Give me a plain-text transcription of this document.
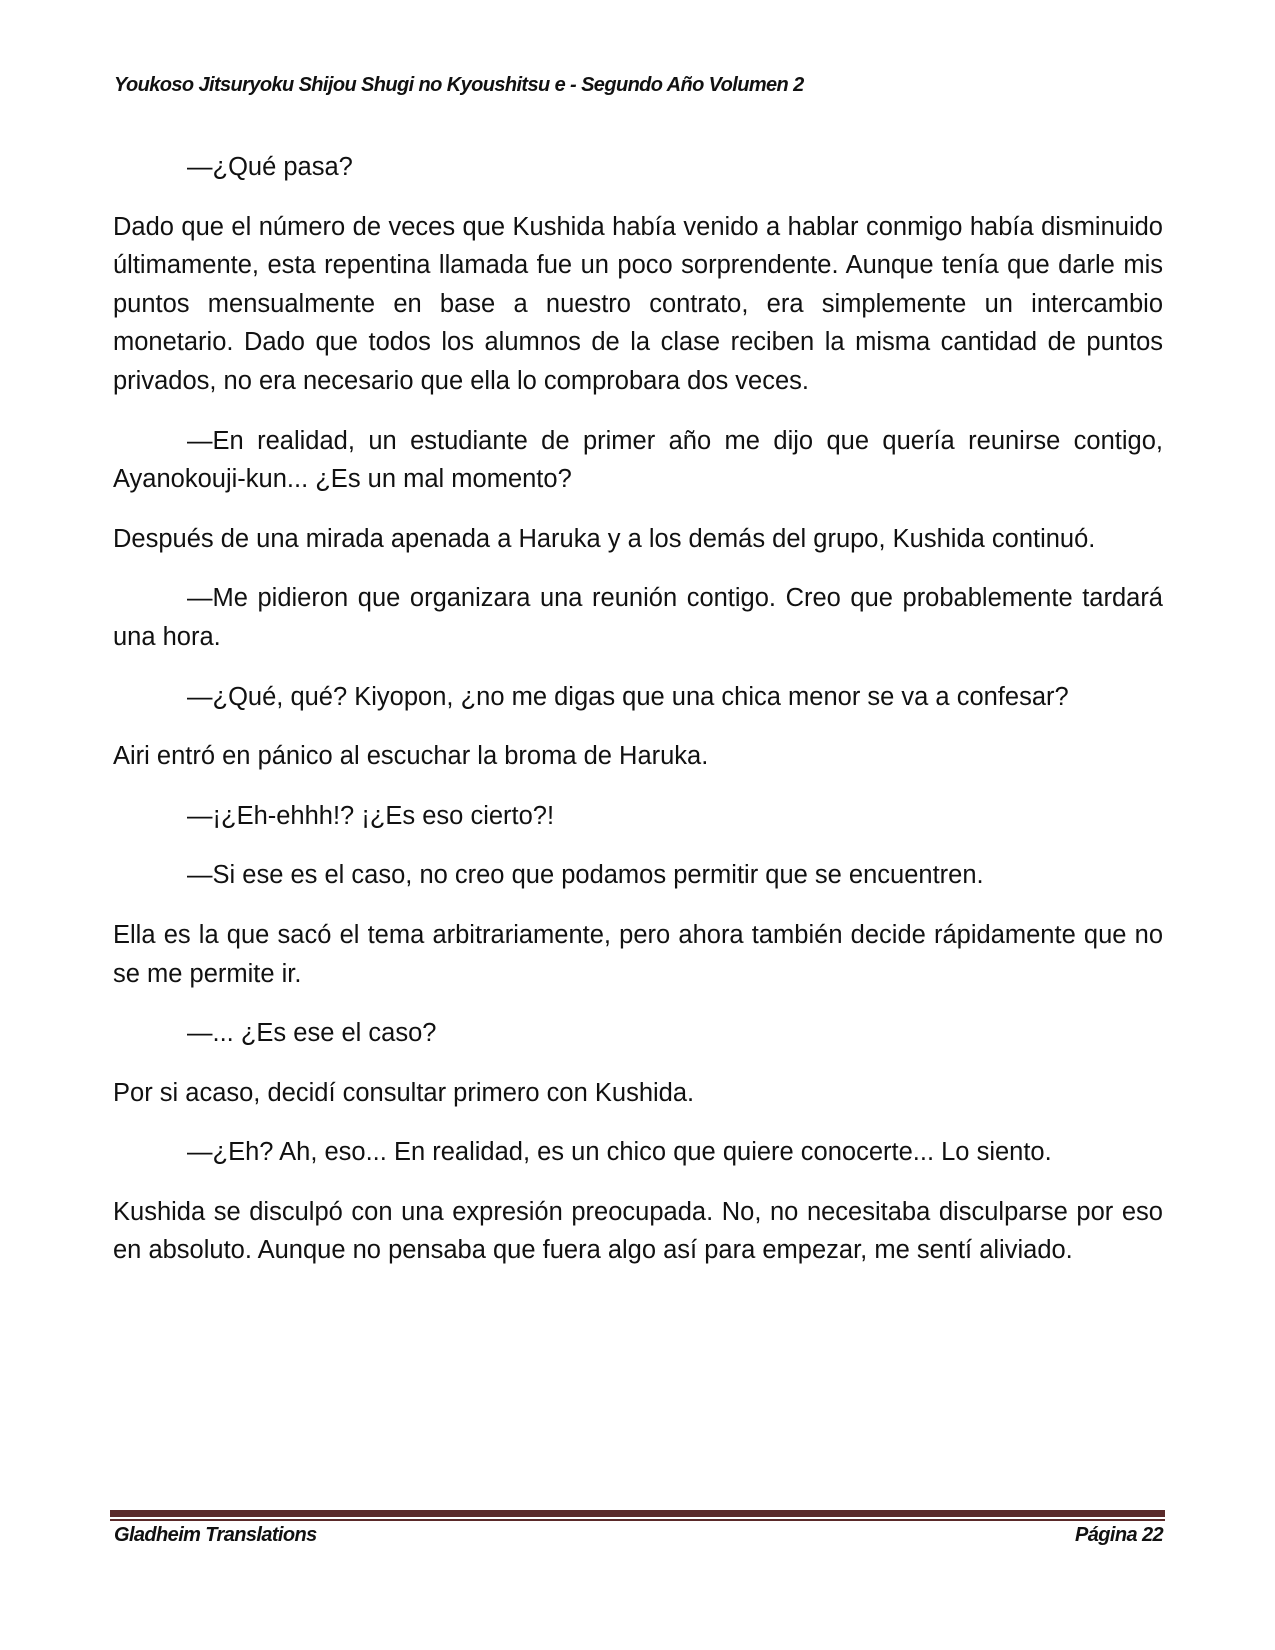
Youkoso Jitsuryoku Shijou Shugi no Kyoushitsu e - Segundo Año Volumen 2

—¿Qué pasa?

Dado que el número de veces que Kushida había venido a hablar conmigo había disminuido últimamente, esta repentina llamada fue un poco sorprendente. Aunque tenía que darle mis puntos mensualmente en base a nuestro contrato, era simplemente un intercambio monetario. Dado que todos los alumnos de la clase reciben la misma cantidad de puntos privados, no era necesario que ella lo comprobara dos veces.

—En realidad, un estudiante de primer año me dijo que quería reunirse contigo, Ayanokouji-kun... ¿Es un mal momento?

Después de una mirada apenada a Haruka y a los demás del grupo, Kushida continuó.

—Me pidieron que organizara una reunión contigo. Creo que probablemente tardará una hora.

—¿Qué, qué? Kiyopon, ¿no me digas que una chica menor se va a confesar?

Airi entró en pánico al escuchar la broma de Haruka.

—¡¿Eh-ehhh!? ¡¿Es eso cierto?!

—Si ese es el caso, no creo que podamos permitir que se encuentren.

Ella es la que sacó el tema arbitrariamente, pero ahora también decide rápidamente que no se me permite ir.

—... ¿Es ese el caso?

Por si acaso, decidí consultar primero con Kushida.

—¿Eh? Ah, eso... En realidad, es un chico que quiere conocerte... Lo siento.

Kushida se disculpó con una expresión preocupada. No, no necesitaba disculparse por eso en absoluto. Aunque no pensaba que fuera algo así para empezar, me sentí aliviado.

Gladheim Translations	Página 22
